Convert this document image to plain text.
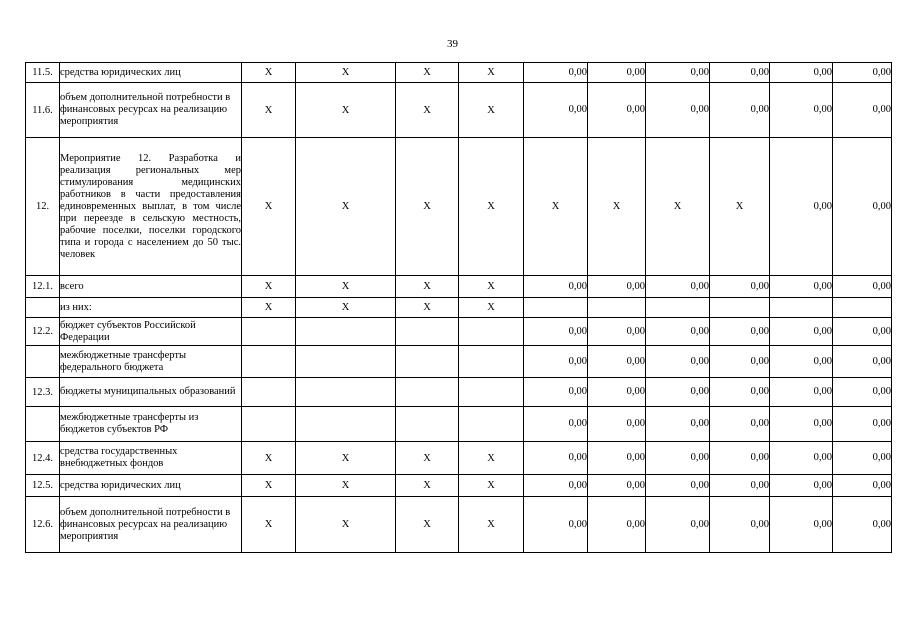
39
11.5.	средства юридических лиц	X	X	X	X	0,00	0,00	0,00	0,00	0,00	0,00
11.6.	объем дополнительной потребности в финансовых ресурсах на реализацию мероприятия	X	X	X	X	0,00	0,00	0,00	0,00	0,00	0,00
12.	Мероприятие 12. Разработка и реализация региональных мер стимулирования медицинских работников в части предоставления единовременных выплат, в том числе при переезде в сельскую местность, рабочие поселки, поселки городского типа и города с населением до 50 тыс. человек	X	X	X	X	X	X	X	X	0,00	0,00
12.1.	всего	X	X	X	X	0,00	0,00	0,00	0,00	0,00	0,00
	из них:	X	X	X	X						
12.2.	бюджет субъектов Российской Федерации					0,00	0,00	0,00	0,00	0,00	0,00
	межбюджетные трансферты федерального бюджета					0,00	0,00	0,00	0,00	0,00	0,00
12.3.	бюджеты муниципальных образований					0,00	0,00	0,00	0,00	0,00	0,00
	межбюджетные трансферты из бюджетов субъектов РФ					0,00	0,00	0,00	0,00	0,00	0,00
12.4.	средства государственных внебюджетных фондов	X	X	X	X	0,00	0,00	0,00	0,00	0,00	0,00
12.5.	средства юридических лиц	X	X	X	X	0,00	0,00	0,00	0,00	0,00	0,00
12.6.	объем дополнительной потребности в финансовых ресурсах на реализацию мероприятия	X	X	X	X	0,00	0,00	0,00	0,00	0,00	0,00
